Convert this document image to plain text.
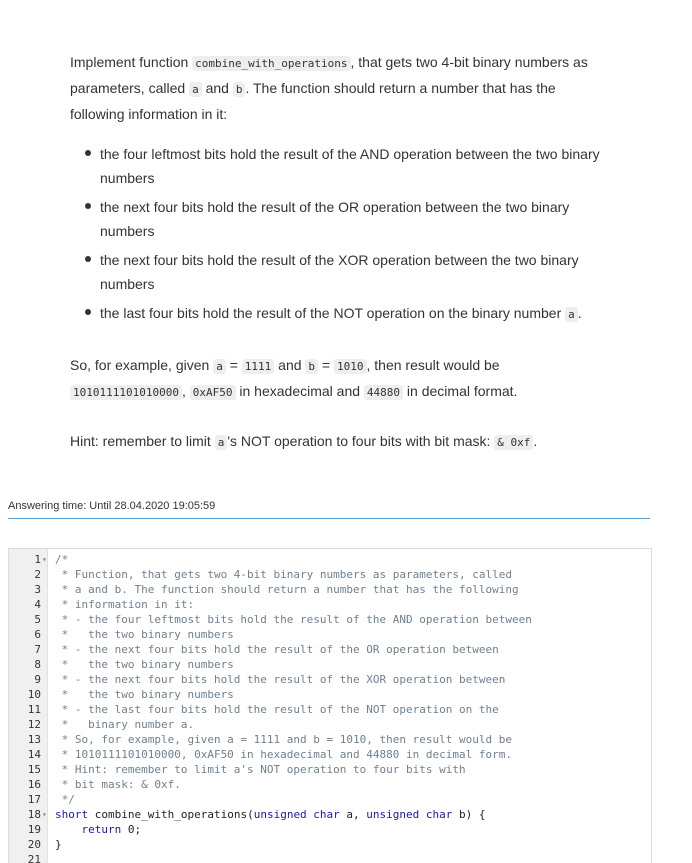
Implement function combine_with_operations , that gets two 4-bit binary numbers as parameters, called a and b . The function should return a number that has the following information in it:

the four leftmost bits hold the result of the AND operation between the two binary numbers
the next four bits hold the result of the OR operation between the two binary numbers
the next four bits hold the result of the XOR operation between the two binary numbers
the last four bits hold the result of the NOT operation on the binary number a .

So, for example, given a = 1111 and b = 1010 , then result would be 1010111101010000 , 0xAF50 in hexadecimal and 44880 in decimal format.

Hint: remember to limit a 's NOT operation to four bits with bit mask: & 0xf .

Answering time: Until 28.04.2020 19:05:59
1 ▾ /*
2 * Function, that gets two 4-bit binary numbers as parameters, called
3 * a and b. The function should return a number that has the following
4 * information in it:
5 * - the four leftmost bits hold the result of the AND operation between
6 *   the two binary numbers
7 * - the next four bits hold the result of the OR operation between
8 *   the two binary numbers
9 * - the next four bits hold the result of the XOR operation between
10 *   the two binary numbers
11 * - the last four bits hold the result of the NOT operation on the
12 *   binary number a.
13 * So, for example, given a = 1111 and b = 1010, then result would be
14 * 1010111101010000, 0xAF50 in hexadecimal and 44880 in decimal form.
15 * Hint: remember to limit a's NOT operation to four bits with
16 * bit mask: & 0xf.
17 */
18 ▾ short combine_with_operations(unsigned char a, unsigned char b) {
19 return 0;
20 }
21
